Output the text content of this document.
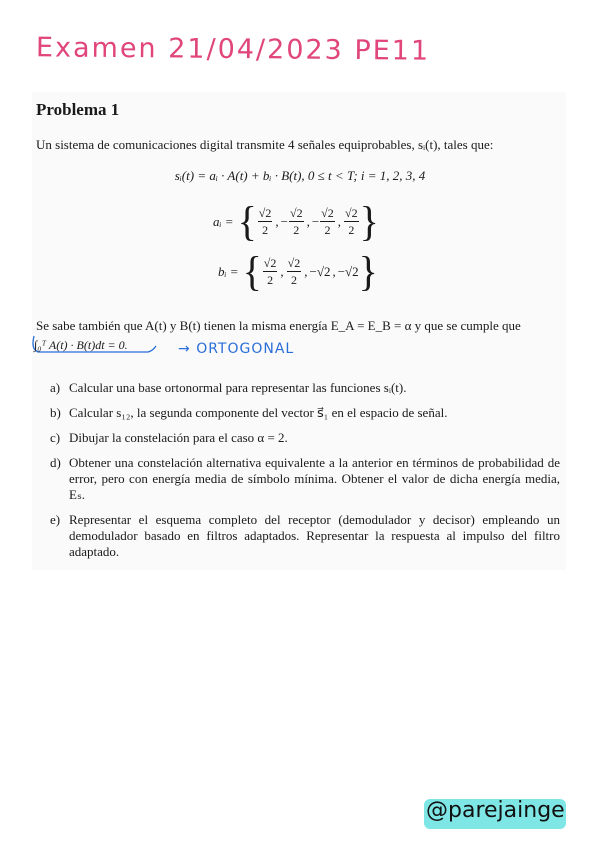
Examen 21/04/2023 PE11
Problema 1
Un sistema de comunicaciones digital transmite 4 señales equiprobables, sᵢ(t), tales que:
sᵢ(t) = aᵢ · A(t) + bᵢ · B(t), 0 ≤ t < T; i = 1, 2, 3, 4
aᵢ = { $\frac{√2}{2}$ , − $\frac{√2}{2}$ , − $\frac{√2}{2}$ , $\frac{√2}{2}$ }
bᵢ = { $\frac{√2}{2}$ , $\frac{√2}{2}$ , −√2 , −√2 }
Se sabe también que A(t) y B(t) tienen la misma energía E_A = E_B = α y que se cumple que
∫₀ᵀ A(t) · B(t)dt = 0.	→ ORTOGONAL
a) Calcular una base ortonormal para representar las funciones sᵢ(t).
b) Calcular s₁₂, la segunda componente del vector s⃗₁ en el espacio de señal.
c) Dibujar la constelación para el caso α = 2.
d) Obtener una constelación alternativa equivalente a la anterior en términos de probabilidad de error, pero con energía media de símbolo mínima. Obtener el valor de dicha energía media, Eₛ.
e) Representar el esquema completo del receptor (demodulador y decisor) empleando un demodulador basado en filtros adaptados. Representar la respuesta al impulso del filtro adaptado.
@parejainge
